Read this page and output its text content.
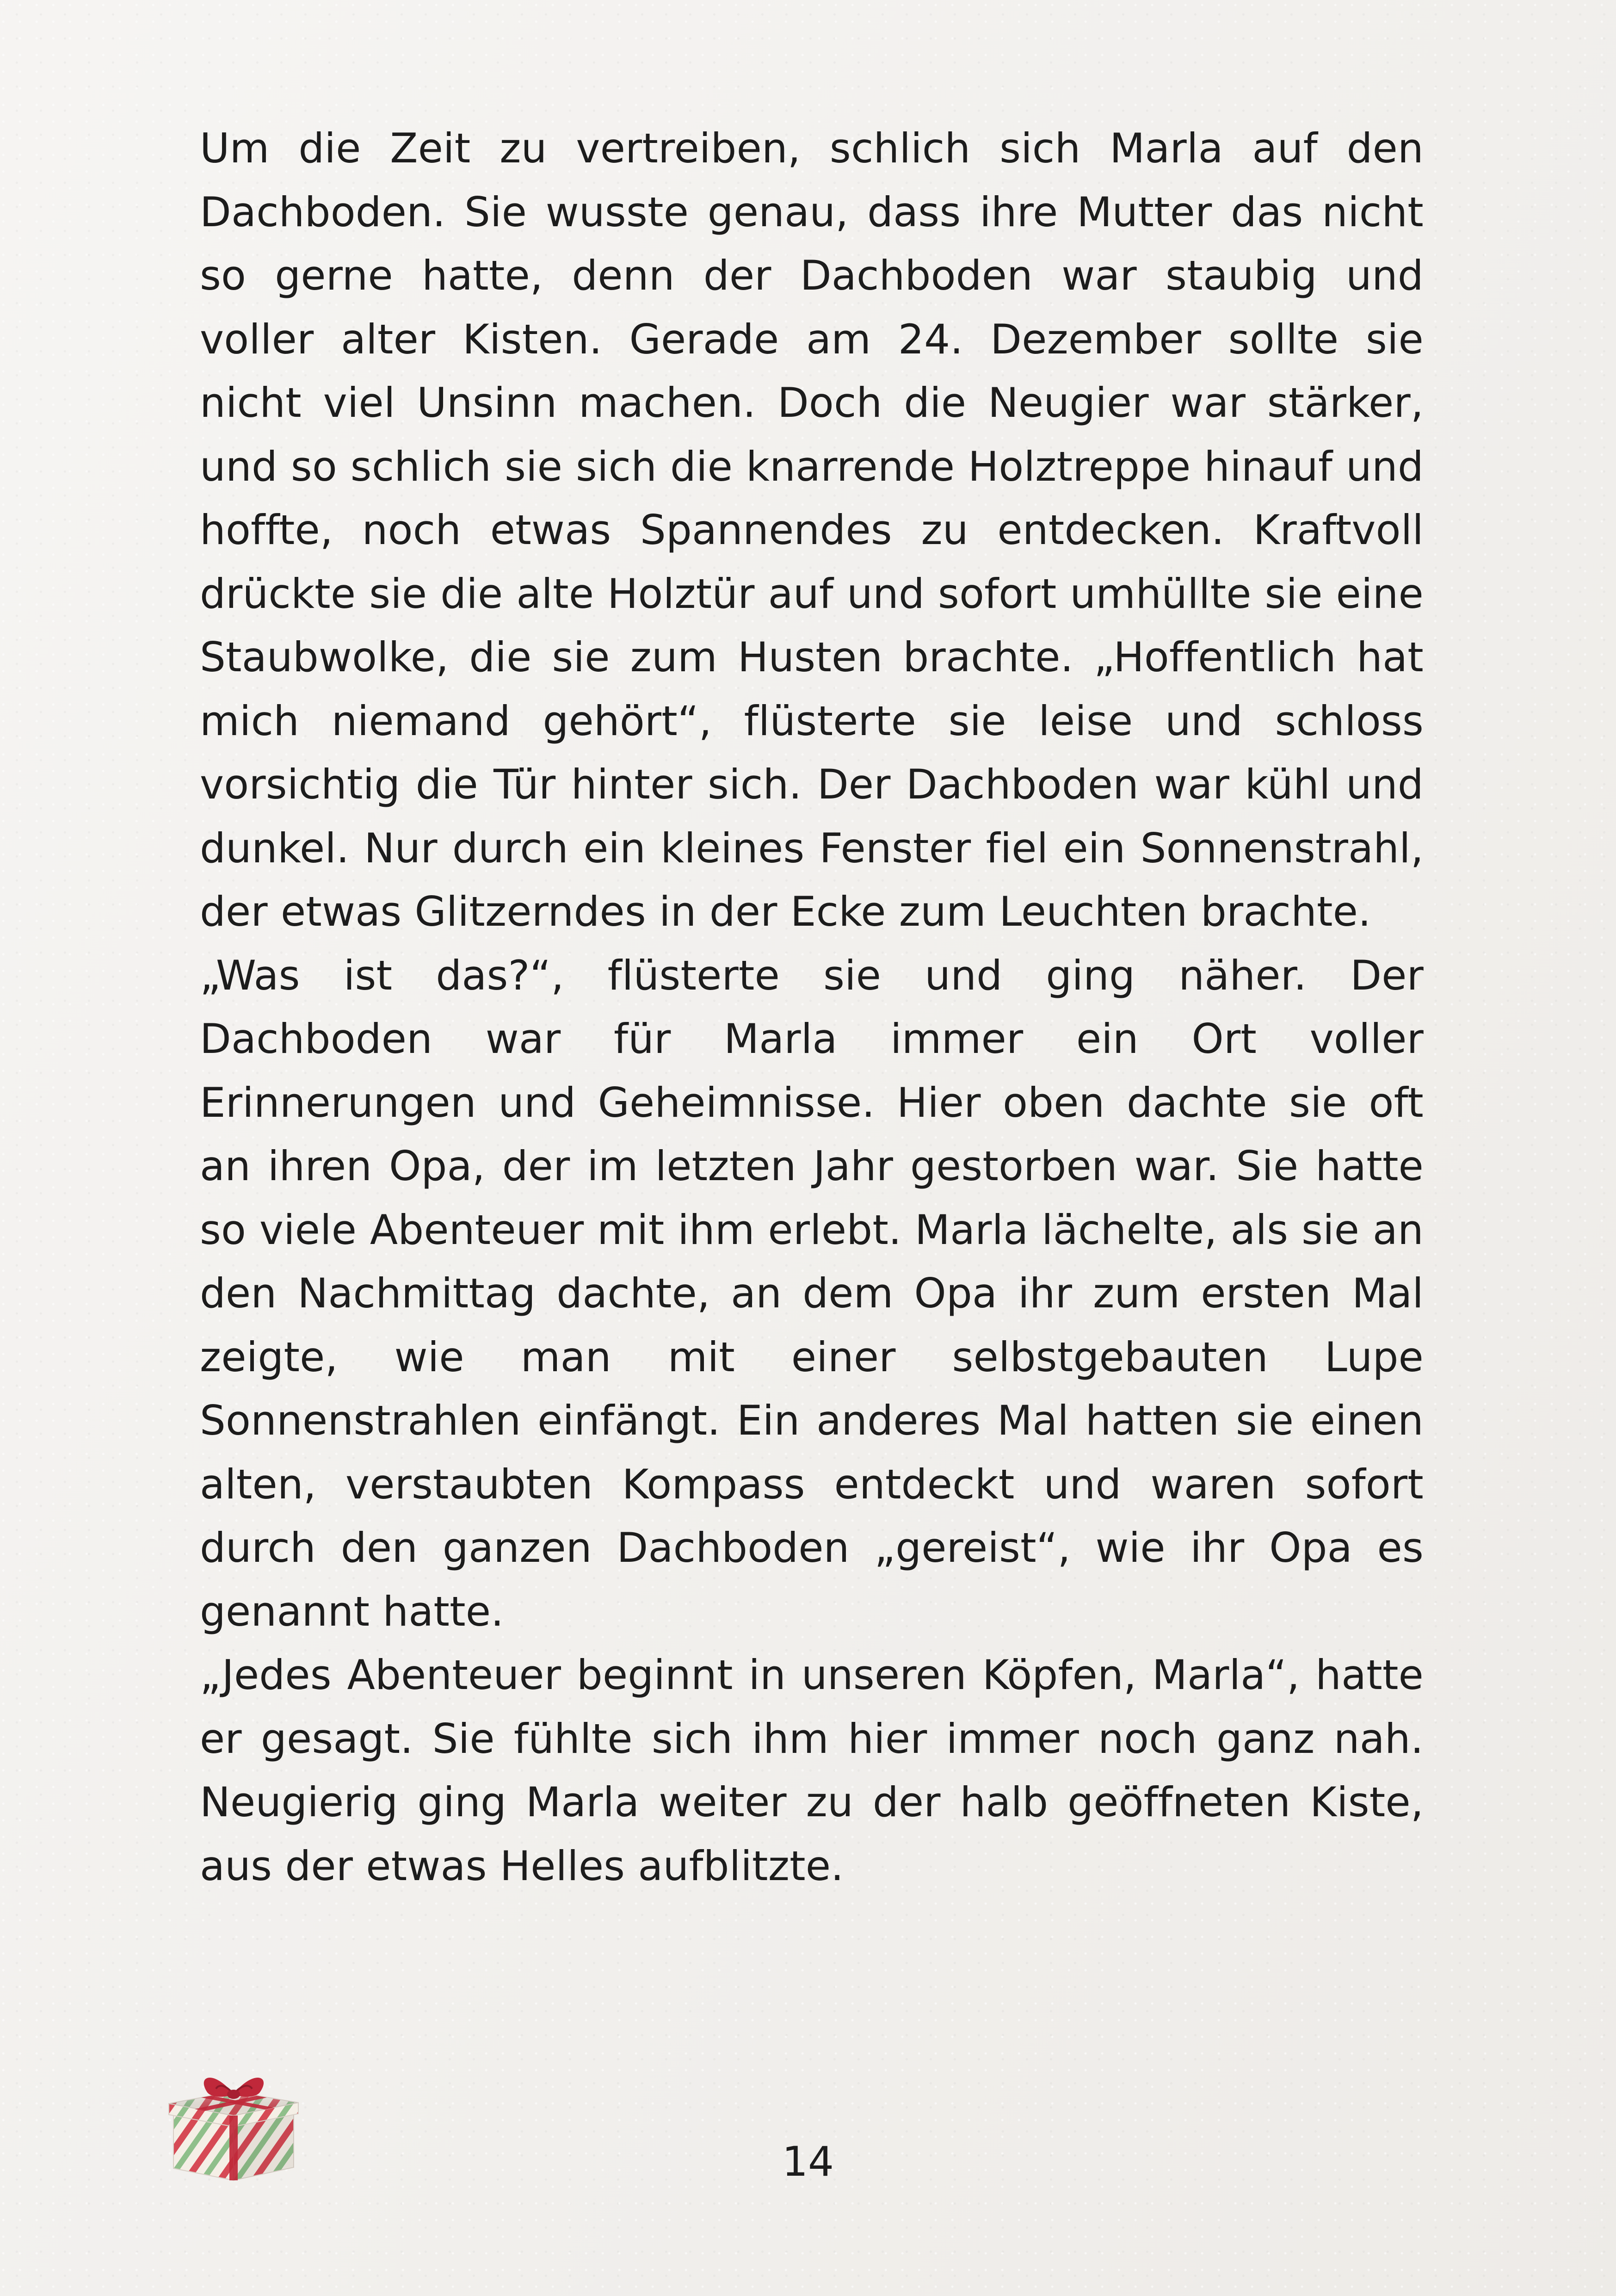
Um die Zeit zu vertreiben, schlich sich Marla auf den Dachboden. Sie wusste genau, dass ihre Mutter das nicht so gerne hatte, denn der Dachboden war staubig und voller alter Kisten. Gerade am 24. Dezember sollte sie nicht viel Unsinn machen. Doch die Neugier war stärker, und so schlich sie sich die knarrende Holztreppe hinauf und hoffte, noch etwas Spannendes zu entdecken. Kraftvoll drückte sie die alte Holztür auf und sofort umhüllte sie eine Staubwolke, die sie zum Husten brachte. „Hoffentlich hat mich niemand gehört“, flüsterte sie leise und schloss vorsichtig die Tür hinter sich. Der Dachboden war kühl und dunkel. Nur durch ein kleines Fenster fiel ein Sonnenstrahl, der etwas Glitzerndes in der Ecke zum Leuchten brachte.

„Was ist das?“, flüsterte sie und ging näher. Der Dachboden war für Marla immer ein Ort voller Erinnerungen und Geheimnisse. Hier oben dachte sie oft an ihren Opa, der im letzten Jahr gestorben war. Sie hatte so viele Abenteuer mit ihm erlebt. Marla lächelte, als sie an den Nachmittag dachte, an dem Opa ihr zum ersten Mal zeigte, wie man mit einer selbstgebauten Lupe Sonnenstrahlen einfängt. Ein anderes Mal hatten sie einen alten, verstaubten Kompass entdeckt und waren sofort durch den ganzen Dachboden „gereist“, wie ihr Opa es genannt hatte.

„Jedes Abenteuer beginnt in unseren Köpfen, Marla“, hatte er gesagt. Sie fühlte sich ihm hier immer noch ganz nah. Neugierig ging Marla weiter zu der halb geöffneten Kiste, aus der etwas Helles aufblitzte.

14
